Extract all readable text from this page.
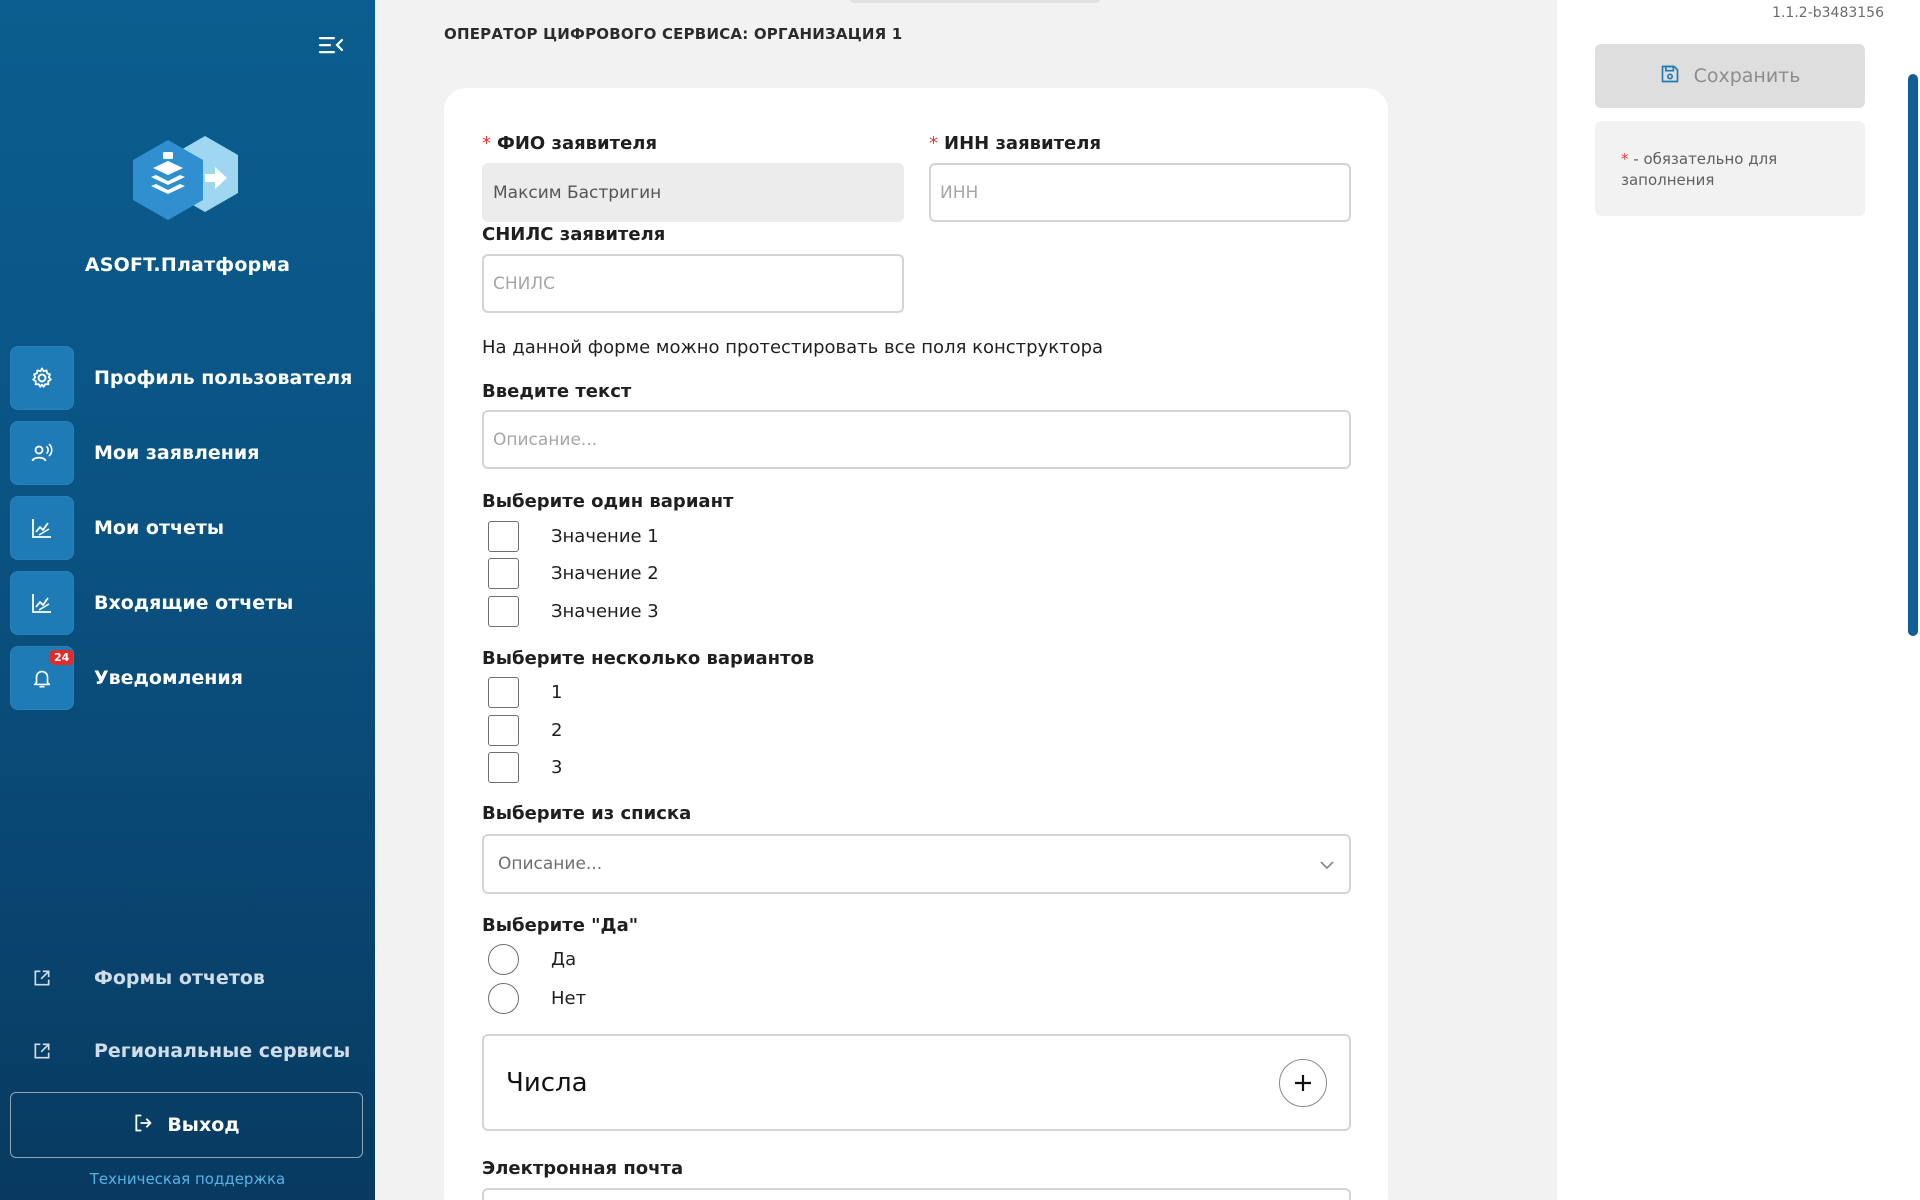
ASOFT.Платформа
Профиль пользователя
Мои заявления
Мои отчеты
Входящие отчеты
24
Уведомления
Формы отчетов
Региональные сервисы
Выход
Техническая поддержка
ОПЕРАТОР ЦИФРОВОГО СЕРВИСА: ОРГАНИЗАЦИЯ 1
* ФИО заявителя
Максим Бастригин	* ИНН заявителя
ИНН
СНИЛС заявителя
СНИЛС
На данной форме можно протестировать все поля конструктора
Введите текст
Описание...
Выберите один вариант
Значение 1
Значение 2
Значение 3
Выберите несколько вариантов
1
2
3
Выберите из списка
Описание...
Выберите "Да"
Да
Нет
Числа
Электронная почта
1.1.2-b3483156
Сохранить
* - обязательно для заполнения
